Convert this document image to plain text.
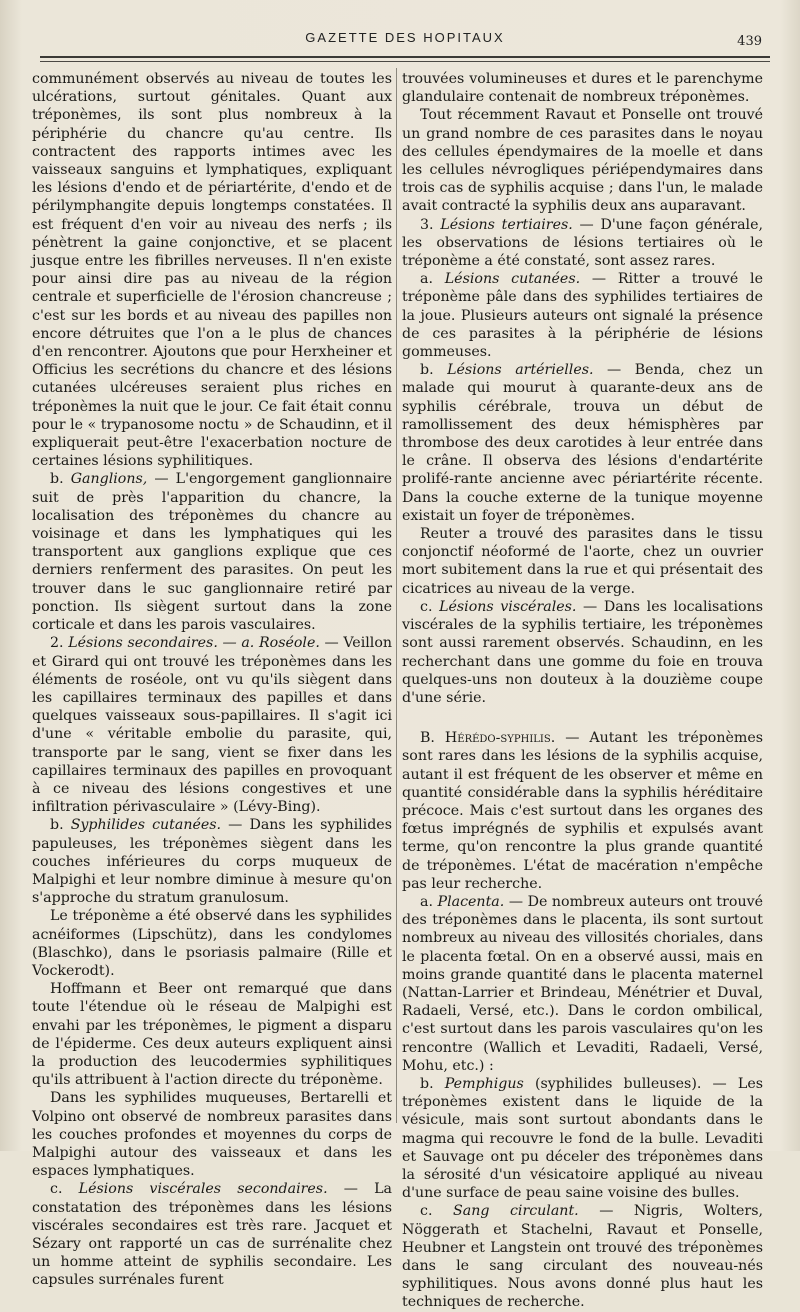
GAZETTE DES HOPITAUX	439

communément observés au niveau de toutes les ulcérations, surtout génitales. Quant aux tréponèmes, ils sont plus nombreux à la périphérie du chancre qu'au centre. Ils contractent des rapports intimes avec les vaisseaux sanguins et lymphatiques, expliquant les lésions d'endo et de périartérite, d'endo et de périlymphangite depuis longtemps constatées. Il est fréquent d'en voir au niveau des nerfs ; ils pénètrent la gaine conjonctive, et se placent jusque entre les fibrilles nerveuses. Il n'en existe pour ainsi dire pas au niveau de la région centrale et superficielle de l'érosion chancreuse ; c'est sur les bords et au niveau des papilles non encore détruites que l'on a le plus de chances d'en rencontrer. Ajoutons que pour Herxheiner et Officius les secrétions du chancre et des lésions cutanées ulcéreuses seraient plus riches en tréponèmes la nuit que le jour. Ce fait était connu pour le « trypanosome noctu » de Schaudinn, et il expliquerait peut-être l'exacerbation nocture de certaines lésions syphilitiques.

b. Ganglions, — L'engorgement ganglionnaire suit de près l'apparition du chancre, la localisation des tréponèmes du chancre au voisinage et dans les lymphatiques qui les transportent aux ganglions explique que ces derniers renferment des parasites. On peut les trouver dans le suc ganglionnaire retiré par ponction. Ils siègent surtout dans la zone corticale et dans les parois vasculaires.

2. Lésions secondaires. — a. Roséole. — Veillon et Girard qui ont trouvé les tréponèmes dans les éléments de roséole, ont vu qu'ils siègent dans les capillaires terminaux des papilles et dans quelques vaisseaux sous-papillaires. Il s'agit ici d'une « véritable embolie du parasite, qui, transporte par le sang, vient se fixer dans les capillaires terminaux des papilles en provoquant à ce niveau des lésions congestives et une infiltration périvasculaire » (Lévy-Bing).

b. Syphilides cutanées. — Dans les syphilides papuleuses, les tréponèmes siègent dans les couches inférieures du corps muqueux de Malpighi et leur nombre diminue à mesure qu'on s'approche du stratum granulosum.

Le tréponème a été observé dans les syphilides acnéiformes (Lipschütz), dans les condylomes (Blaschko), dans le psoriasis palmaire (Rille et Vockerodt).

Hoffmann et Beer ont remarqué que dans toute l'étendue où le réseau de Malpighi est envahi par les tréponèmes, le pigment a disparu de l'épiderme. Ces deux auteurs expliquent ainsi la production des leucodermies syphilitiques qu'ils attribuent à l'action directe du tréponème.

Dans les syphilides muqueuses, Bertarelli et Volpino ont observé de nombreux parasites dans les couches profondes et moyennes du corps de Malpighi autour des vaisseaux et dans les espaces lymphatiques.

c. Lésions viscérales secondaires. — La constatation des tréponèmes dans les lésions viscérales secondaires est très rare. Jacquet et Sézary ont rapporté un cas de surrénalite chez un homme atteint de syphilis secondaire. Les capsules surrénales furent

trouvées volumineuses et dures et le parenchyme glandulaire contenait de nombreux tréponèmes.

Tout récemment Ravaut et Ponselle ont trouvé un grand nombre de ces parasites dans le noyau des cellules épendymaires de la moelle et dans les cellules névrogliques périépendymaires dans trois cas de syphilis acquise ; dans l'un, le malade avait contracté la syphilis deux ans auparavant.

3. Lésions tertiaires. — D'une façon générale, les observations de lésions tertiaires où le tréponème a été constaté, sont assez rares.

a. Lésions cutanées. — Ritter a trouvé le tréponème pâle dans des syphilides tertiaires de la joue. Plusieurs auteurs ont signalé la présence de ces parasites à la périphérie de lésions gommeuses.

b. Lésions artérielles. — Benda, chez un malade qui mourut à quarante-deux ans de syphilis cérébrale, trouva un début de ramollissement des deux hémisphères par thrombose des deux carotides à leur entrée dans le crâne. Il observa des lésions d'endartérite prolifé-rante ancienne avec périartérite récente. Dans la couche externe de la tunique moyenne existait un foyer de tréponèmes.

Reuter a trouvé des parasites dans le tissu conjonctif néoformé de l'aorte, chez un ouvrier mort subitement dans la rue et qui présentait des cicatrices au niveau de la verge.

c. Lésions viscérales. — Dans les localisations viscérales de la syphilis tertiaire, les tréponèmes sont aussi rarement observés. Schaudinn, en les recherchant dans une gomme du foie en trouva quelques-uns non douteux à la douzième coupe d'une série.

B. Hérédo-syphilis. — Autant les tréponèmes sont rares dans les lésions de la syphilis acquise, autant il est fréquent de les observer et même en quantité considérable dans la syphilis héréditaire précoce. Mais c'est surtout dans les organes des fœtus imprégnés de syphilis et expulsés avant terme, qu'on rencontre la plus grande quantité de tréponèmes. L'état de macération n'empêche pas leur recherche.

a. Placenta. — De nombreux auteurs ont trouvé des tréponèmes dans le placenta, ils sont surtout nombreux au niveau des villosités choriales, dans le placenta fœtal. On en a observé aussi, mais en moins grande quantité dans le placenta maternel (Nattan-Larrier et Brindeau, Ménétrier et Duval, Radaeli, Versé, etc.). Dans le cordon ombilical, c'est surtout dans les parois vasculaires qu'on les rencontre (Wallich et Levaditi, Radaeli, Versé, Mohu, etc.) :

b. Pemphigus (syphilides bulleuses). — Les tréponèmes existent dans le liquide de la vésicule, mais sont surtout abondants dans le magma qui recouvre le fond de la bulle. Levaditi et Sauvage ont pu déceler des tréponèmes dans la sérosité d'un vésicatoire appliqué au niveau d'une surface de peau saine voisine des bulles.

c. Sang circulant. — Nigris, Wolters, Nöggerath et Stachelni, Ravaut et Ponselle, Heubner et Langstein ont trouvé des tréponèmes dans le sang circulant des nouveau-nés syphilitiques. Nous avons donné plus haut les techniques de recherche.
